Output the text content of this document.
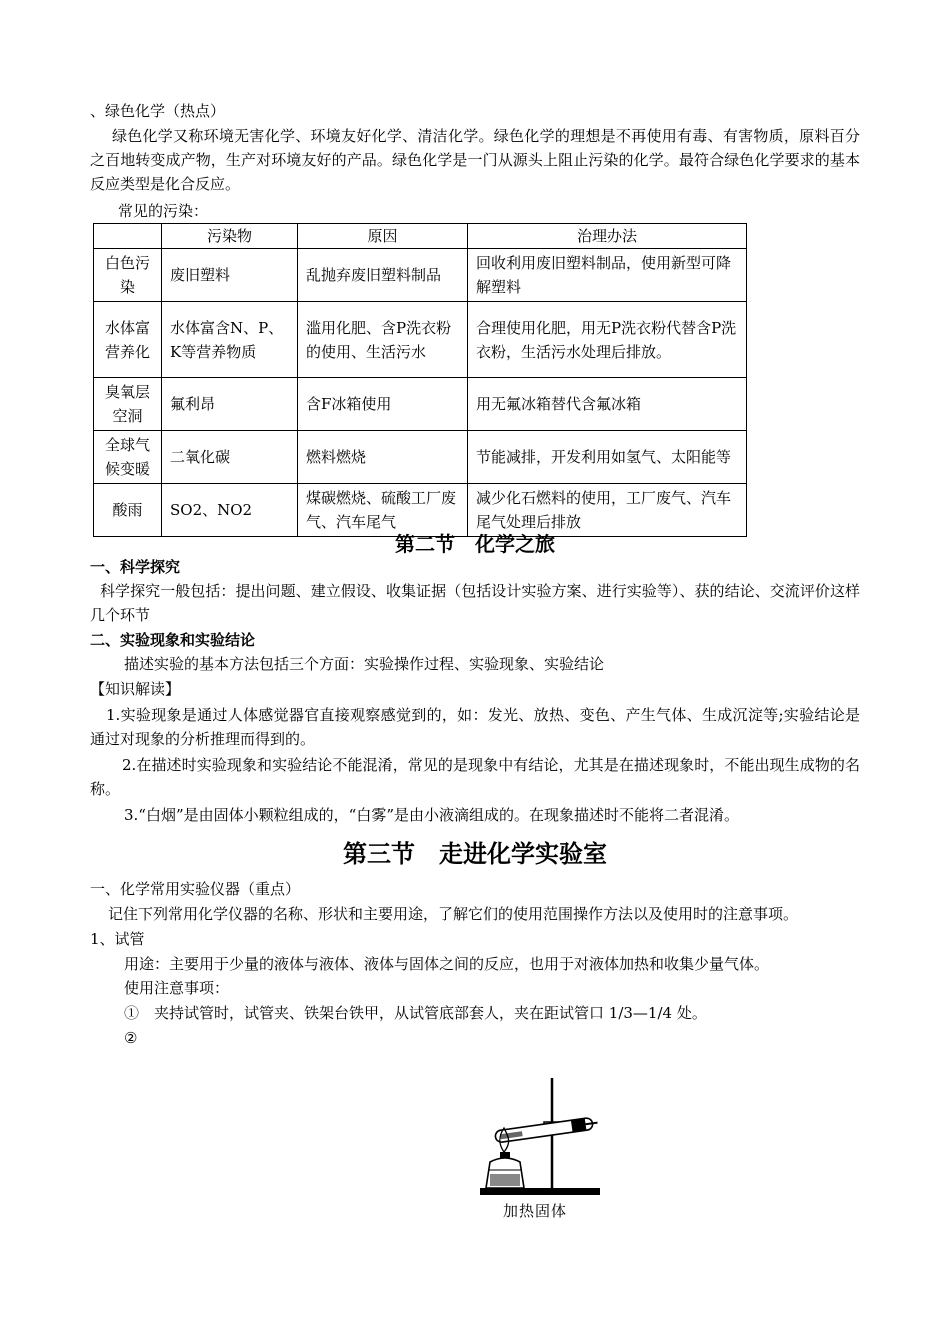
、绿色化学（热点）
绿色化学又称环境无害化学、环境友好化学、清洁化学。绿色化学的理想是不再使用有毒、有害物质，原料百分之百地转变成产物，生产对环境友好的产品。绿色化学是一门从源头上阻止污染的化学。最符合绿色化学要求的基本反应类型是化合反应。
常见的污染：
	污染物	原因	治理办法
白色污染	废旧塑料	乱抛弃废旧塑料制品	回收利用废旧塑料制品，使用新型可降解塑料
水体富营养化	水体富含N、P、K等营养物质	滥用化肥、含P洗衣粉的使用、生活污水	合理使用化肥，用无P洗衣粉代替含P洗衣粉，生活污水处理后排放。
臭氧层空洞	氟利昂	含F冰箱使用	用无氟冰箱替代含氟冰箱
全球气候变暖	二氧化碳	燃料燃烧	节能减排，开发利用如氢气、太阳能等
酸雨	SO2、NO2	煤碳燃烧、硫酸工厂废气、汽车尾气	减少化石燃料的使用，工厂废气、汽车尾气处理后排放
第二节　化学之旅
一、科学探究
科学探究一般包括：提出问题、建立假设、收集证据（包括设计实验方案、进行实验等）、获的结论、交流评价这样几个环节
二、实验现象和实验结论
描述实验的基本方法包括三个方面：实验操作过程、实验现象、实验结论
【知识解读】
1.实验现象是通过人体感觉器官直接观察感觉到的，如：发光、放热、变色、产生气体、生成沉淀等;实验结论是通过对现象的分析推理而得到的。
2.在描述时实验现象和实验结论不能混淆，常见的是现象中有结论，尤其是在描述现象时，不能出现生成物的名称。
3.“白烟”是由固体小颗粒组成的，“白雾”是由小液滴组成的。在现象描述时不能将二者混淆。
第三节　走进化学实验室
一、化学常用实验仪器（重点）
记住下列常用化学仪器的名称、形状和主要用途，了解它们的使用范围操作方法以及使用时的注意事项。
1、试管
用途：主要用于少量的液体与液体、液体与固体之间的反应，也用于对液体加热和收集少量气体。
使用注意事项：
①　夹持试管时，试管夹、铁架台铁甲，从试管底部套人，夹在距试管口 1/3—1/4 处。
②
加热固体
